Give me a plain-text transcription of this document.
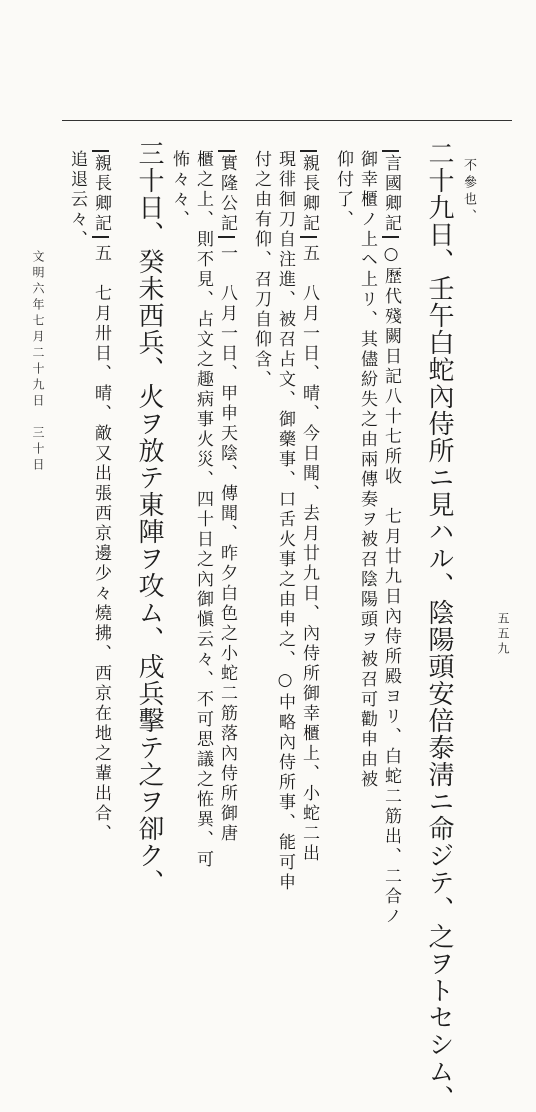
文明六年七月二十九日　三十日
不參也、
二十九日、壬午白蛇內侍所ニ見ハル、陰陽頭安倍泰淸ニ命ジテ、之ヲトセシム、
言國卿記○歷代殘闕日記八十七所收　七月廿九日內侍所殿ヨリ、白蛇二筋出、二合ノ
御幸櫃ノ上ヘ上リ、其儘紛失之由兩傳奏ヲ被召陰陽頭ヲ被召可勸申由被
仰付了、
親長卿記五　八月一日、晴、今日聞、去月廿九日、內侍所御幸櫃上、小蛇二出
現徘徊刀自注進、被召占文、御藥事、口舌火事之由申之、○中略內侍所事、能可申
付之由有仰、召刀自仰含、
實隆公記一　八月一日、甲申天陰、傳聞、昨夕白色之小蛇二筋落內侍所御唐
櫃之上、則不見、占文之趣病事火災、四十日之內御愼云々、不可思議之恠異、可
怖々々、
三十日、癸未西兵、火ヲ放テ東陣ヲ攻ム、戌兵擊テ之ヲ卻ク、
親長卿記五　七月卅日、晴、敵又出張西京邊少々燒拂、西京在地之輩出合、
追退云々、
五五九
